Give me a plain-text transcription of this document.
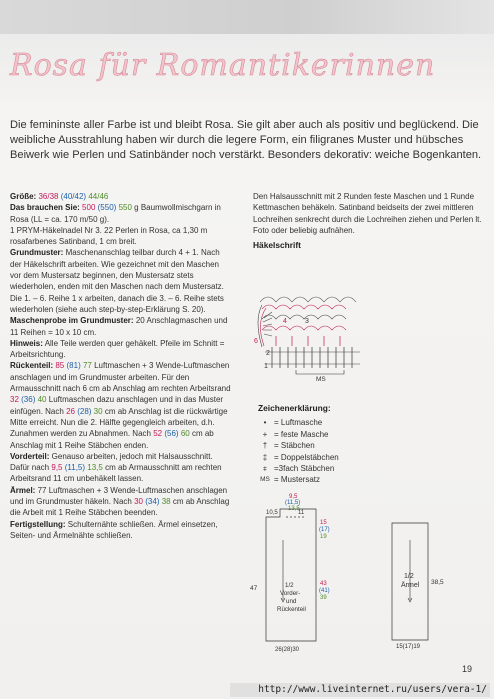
Rosa für Romantikerinnen
Die femininste aller Farbe ist und bleibt Rosa. Sie gilt aber auch als positiv und beglückend. Die weibliche Ausstrahlung haben wir durch die legere Form, ein filigranes Muster und hübsches Beiwerk wie Perlen und Satinbänder noch verstärkt. Besonders dekorativ: weiche Bogenkanten.

Größe: 36/38 (40/42) 44/46

Das brauchen Sie: 500 (550) 550 g Baumwollmischgarn in Rosa (LL = ca. 170 m/50 g).

1 PRYM-Häkelnadel Nr 3. 22 Perlen in Rosa, ca 1,30 m rosafarbenes Satinband, 1 cm breit.

Grundmuster: Maschenanschlag teilbar durch 4 + 1. Nach der Häkelschrift arbeiten. Wie gezeichnet mit den Maschen vor dem Mustersatz beginnen, den Mustersatz stets wiederholen, enden mit den Maschen nach dem Mustersatz. Die 1. – 6. Reihe 1 x arbeiten, danach die 3. – 6. Reihe stets wiederholen (siehe auch step-by-step-Erklärung S. 20).

Maschenprobe im Grundmuster: 20 Anschlagmaschen und 11 Reihen = 10 x 10 cm.

Hinweis: Alle Teile werden quer gehäkelt. Pfeile im Schnitt = Arbeitsrichtung.

Rückenteil: 85 (81) 77 Luftmaschen + 3 Wende-Luftmaschen anschlagen und im Grundmuster arbeiten. Für den Armausschnitt nach 6 cm ab Anschlag am rechten Arbeitsrand 32 (36) 40 Luftmaschen dazu anschlagen und in das Muster einfügen. Nach 26 (28) 30 cm ab Anschlag ist die rückwärtige Mitte erreicht. Nun die 2. Hälfte gegengleich arbeiten, d.h. Zunahmen werden zu Abnahmen. Nach 52 (56) 60 cm ab Anschlag mit 1 Reihe Stäbchen enden.

Vorderteil: Genauso arbeiten, jedoch mit Halsausschnitt. Dafür nach 9,5 (11,5) 13,5 cm ab Armausschnitt am rechten Arbeitsrand 11 cm unbehäkelt lassen.

Ärmel: 77 Luftmaschen + 3 Wende-Luftmaschen anschlagen und im Grundmuster häkeln. Nach 30 (34) 38 cm ab Anschlag die Arbeit mit 1 Reihe Stäbchen beenden.

Fertigstellung: Schulternähte schließen. Ärmel einsetzen, Seiten- und Ärmelnähte schließen.

Den Halsausschnitt mit 2 Runden feste Maschen und 1 Runde Kettmaschen behäkeln. Satinband beidseits der zwei mittleren Lochreihen senkrecht durch die Lochreihen ziehen und Perlen lt. Foto oder beliebig aufnähen.

Häkelschrift

MS
4	3
6
2
1
9,5
(11,5)
13,5
10,5	11
15
(17)
19
47
43
(41)
39
1/2
Vorder-
und
Rückenteil
26(28)30
1/2
Ärmel 38,5
15(17)19
Zeichenerklärung:
• = Luftmasche
+ = feste Masche
† = Stäbchen
‡ = Doppelstäbchen
⧧ =3fach Stäbchen
MS = Mustersatz
19
http://www.liveinternet.ru/users/vera-1/
